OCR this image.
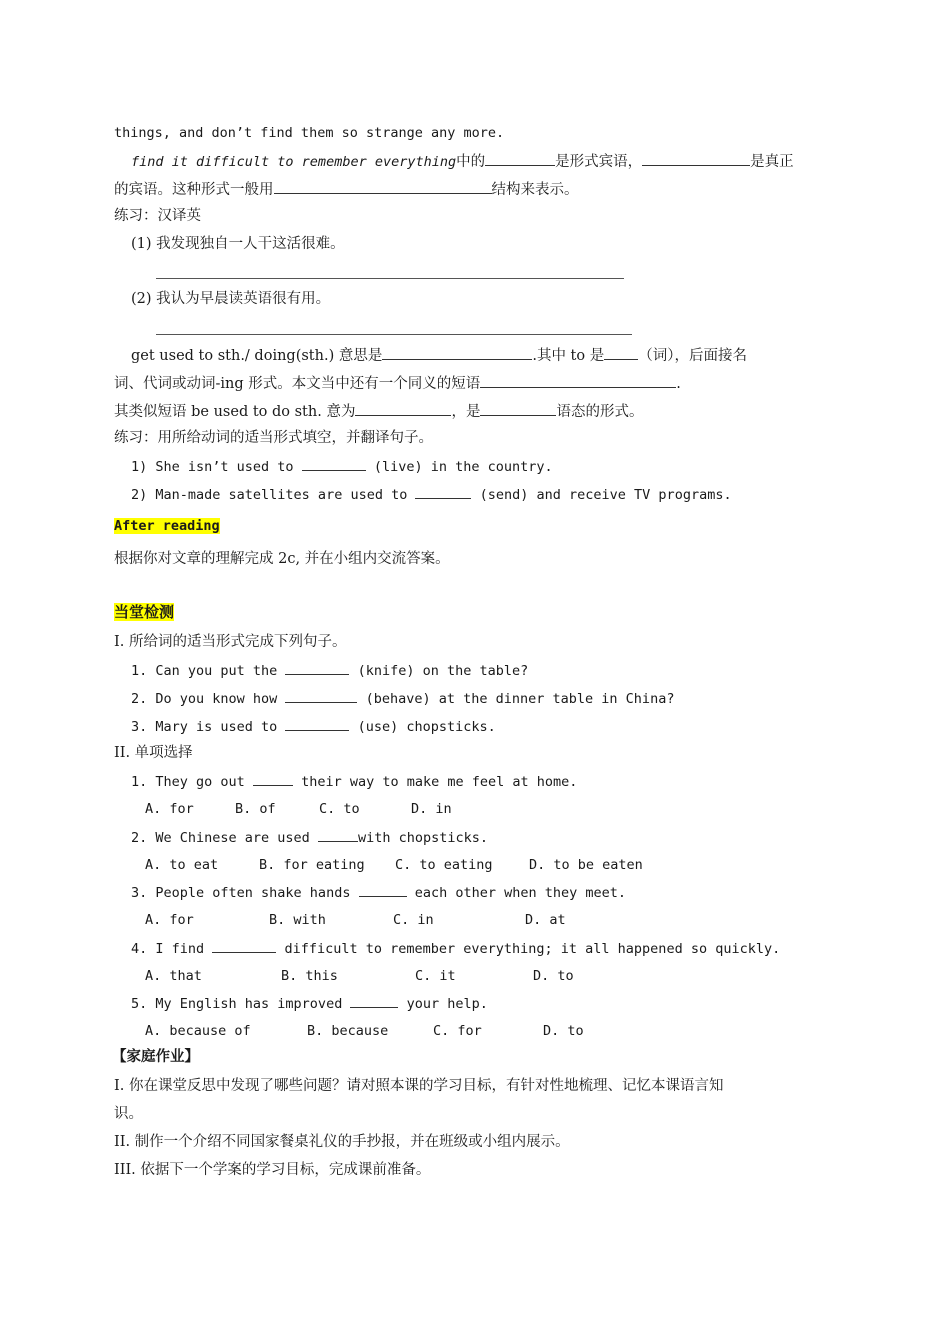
things, and don’t find them so strange any more.
find it difficult to remember everything中的	是形式宾语，	是真正
的宾语。这种形式一般用	结构来表示。
练习：汉译英
(1) 我发现独自一人干这活很难。
(2) 我认为早晨读英语很有用。
get used to sth./ doing(sth.) 意思是	.其中 to 是 （词），后面接名
词、代词或动词-ing 形式。本文当中还有一个同义的短语	.
其类似短语 be used to do sth. 意为	，是	语态的形式。
练习：用所给动词的适当形式填空，并翻译句子。
1) She isn’t used to	(live) in the country.
2) Man-made satellites are used to	(send) and receive TV programs.
After reading
根据你对文章的理解完成 2c, 并在小组内交流答案。
当堂检测
I. 所给词的适当形式完成下列句子。
1. Can you put the	(knife) on the table?
2. Do you know how	(behave) at the dinner table in China?
3. Mary is used to	(use) chopsticks.
II. 单项选择
1. They go out	their way to make me feel at home.
A. for	B. of	C. to	D. in
2. We Chinese are used	with chopsticks.
A. to eat	B. for eating C. to eating	D. to be eaten
3. People often shake hands	each other when they meet.
A. for	B. with	C. in	D. at
4. I find	difficult to remember everything; it all happened so quickly.
A. that	B. this	C. it	D. to
5. My English has improved	your help.
A. because of	B. because	C. for	D. to
【家庭作业】
I. 你在课堂反思中发现了哪些问题？请对照本课的学习目标，有针对性地梳理、记忆本课语言知
识。
II. 制作一个介绍不同国家餐桌礼仪的手抄报，并在班级或小组内展示。
III. 依据下一个学案的学习目标，完成课前准备。
